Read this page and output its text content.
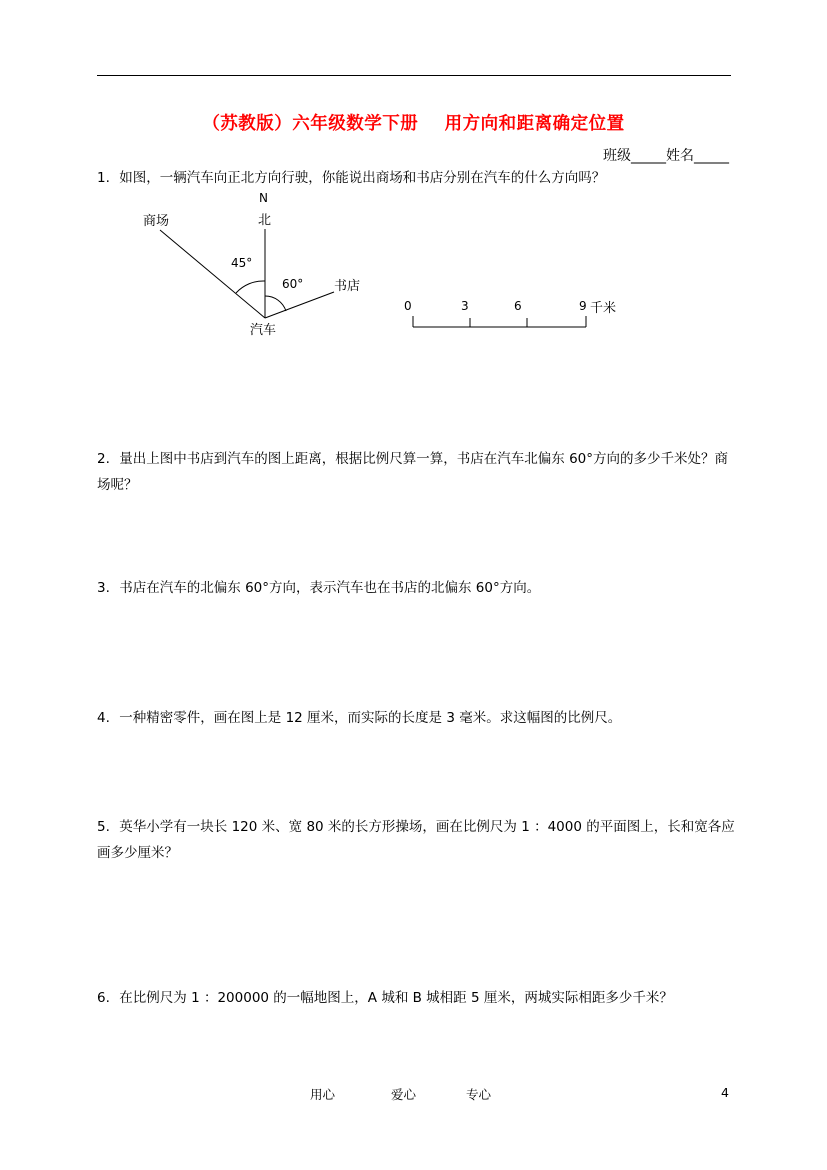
（苏教版）六年级数学下册    用方向和距离确定位置
班级_____姓名_____
1. 如图，一辆汽车向正北方向行驶，你能说出商场和书店分别在汽车的什么方向吗？
N
北
商场
45°
60° 书店
汽车
0	3	6	9 千米
2. 量出上图中书店到汽车的图上距离，根据比例尺算一算，书店在汽车北偏东 60°方向的多少千米处？商场呢？
3. 书店在汽车的北偏东 60°方向，表示汽车也在书店的北偏东 60°方向。
4. 一种精密零件，画在图上是 12 厘米，而实际的长度是 3 毫米。求这幅图的比例尺。
5. 英华小学有一块长 120 米、宽 80 米的长方形操场，画在比例尺为 1 ：4000 的平面图上，长和宽各应画多少厘米？
6. 在比例尺为 1 ：200000 的一幅地图上，A 城和 B 城相距 5 厘米，两城实际相距多少千米？
用心	爱心	专心	4
